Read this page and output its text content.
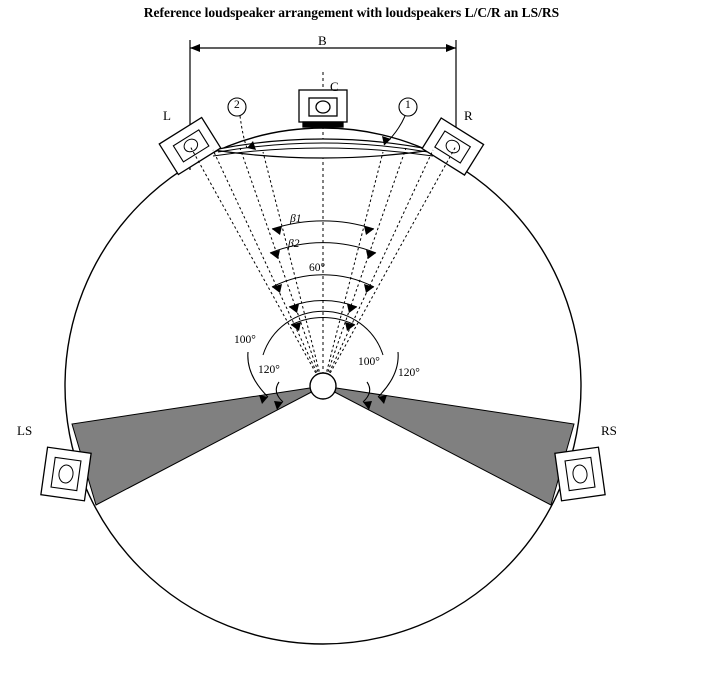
Reference loudspeaker arrangement with loudspeakers L/C/R an LS/RS
B
C
L	R
LS	RS
2	1
β1
β2
60°
100°
120°
100°
120°
